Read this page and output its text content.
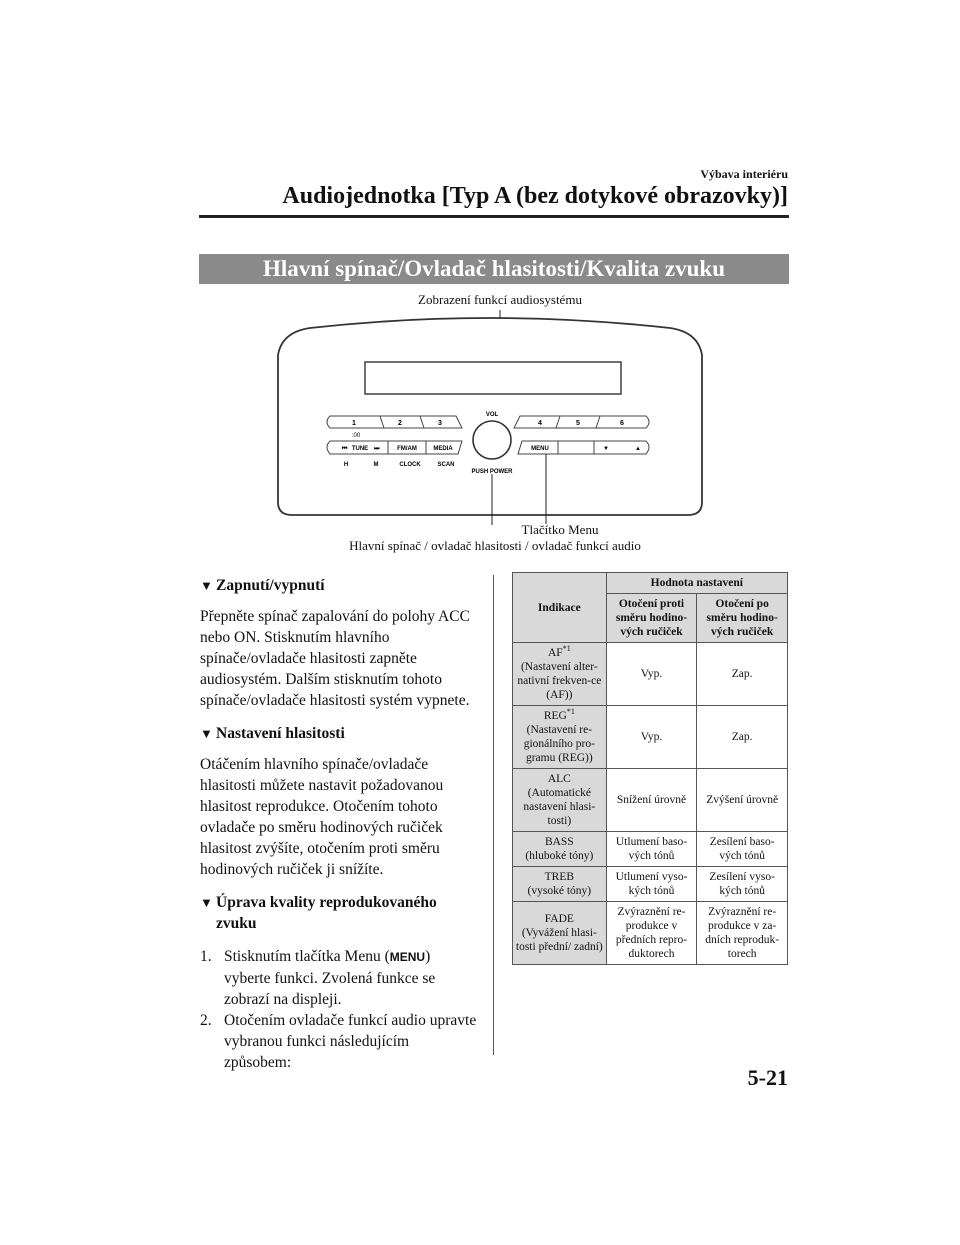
Výbava interiéru
Audiojednotka [Typ A (bez dotykové obrazovky)]
Hlavní spínač/Ovladač hlasitosti/Kvalita zvuku
Zobrazení funkcí audiosystému
1	2	3
:00
4	5	6
VOL
PUSH POWER
⏮ TUNE ⏭	FM/AM	MEDIA
H	M	CLOCK	SCAN
MENU	▼	▲
Tlačítko Menu
Hlavní spínač / ovladač hlasitosti / ovladač funkcí audio
▼ Zapnutí/vypnutí

Přepněte spínač zapalování do polohy ACC nebo ON. Stisknutím hlavního spínače/ovladače hlasitosti zapněte audiosystém. Dalším stisknutím tohoto spínače/ovladače hlasitosti systém vypnete.

▼ Nastavení hlasitosti

Otáčením hlavního spínače/ovladače hlasitosti můžete nastavit požadovanou hlasitost reprodukce. Otočením tohoto ovladače po směru hodinových ručiček hlasitost zvýšíte, otočením proti směru hodinových ručiček ji snížíte.

▼ Úprava kvality reprodukovaného zvuku
1. Stisknutím tlačítka Menu (MENU) vyberte funkci. Zvolená funkce se zobrazí na displeji.
2. Otočením ovladače funkcí audio upravte vybranou funkci následujícím způsobem:
Indikace	Hodnota nastavení	
	Otočení proti směru hodino-vých ručiček	Otočení po směru hodino-vých ručiček
AF$^{*1}$
(Nastavení alter-nativní frekven-ce (AF))	Vyp.	Zap.
REG$^{*1}$
(Nastavení re-gionálního pro-gramu (REG))	Vyp.	Zap.
ALC
(Automatické nastavení hlasi-tosti)	Snížení úrovně	Zvýšení úrovně
BASS
(hluboké tóny)	Utlumení baso-vých tónů	Zesílení baso-vých tónů
TREB
(vysoké tóny)	Utlumení vyso-kých tónů	Zesílení vyso-kých tónů
FADE
(Vyvážení hlasi-tosti přední/ zadní)	Zvýraznění re-produkce v předních repro-duktorech	Zvýraznění re-produkce v za-dních reproduk-torech
5-21
